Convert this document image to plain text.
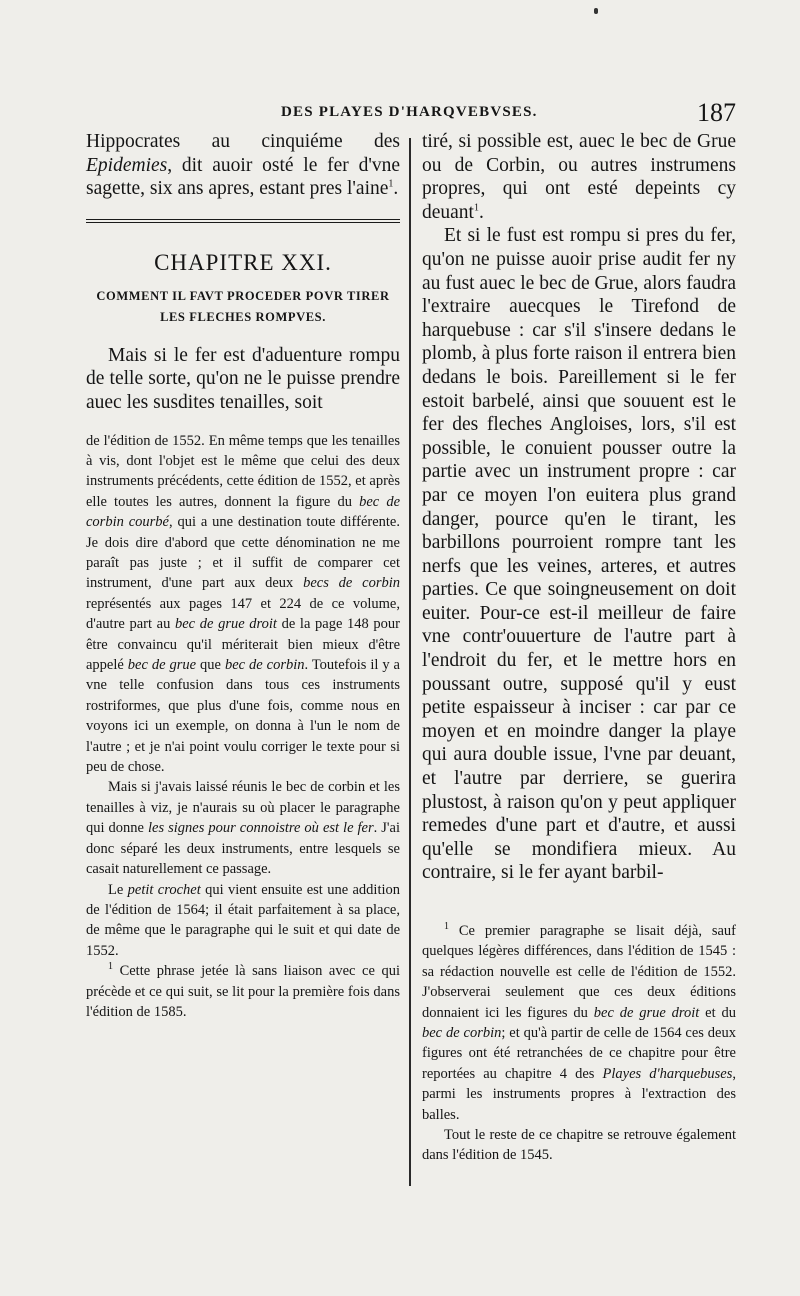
DES PLAYES D'HARQVEBVSES.	187

Hippocrates au cinquiéme des Epidemies, dit auoir osté le fer d'vne sagette, six ans apres, estant pres l'aine$^1$.

CHAPITRE XXI.
COMMENT IL FAVT PROCEDER POVR TIRER LES FLECHES ROMPVES.

Mais si le fer est d'aduenture rompu de telle sorte, qu'on ne le puisse prendre auec les susdites tenailles, soit

de l'édition de 1552. En même temps que les tenailles à vis, dont l'objet est le même que celui des deux instruments précédents, cette édition de 1552, et après elle toutes les autres, donnent la figure du bec de corbin courbé, qui a une destination toute différente. Je dois dire d'abord que cette dénomination ne me paraît pas juste ; et il suffit de comparer cet instrument, d'une part aux deux becs de corbin représentés aux pages 147 et 224 de ce volume, d'autre part au bec de grue droit de la page 148 pour être convaincu qu'il mériterait bien mieux d'être appelé bec de grue que bec de corbin. Toutefois il y a vne telle confusion dans tous ces instruments rostriformes, que plus d'une fois, comme nous en voyons ici un exemple, on donna à l'un le nom de l'autre ; et je n'ai point voulu corriger le texte pour si peu de chose.

Mais si j'avais laissé réunis le bec de corbin et les tenailles à viz, je n'aurais su où placer le paragraphe qui donne les signes pour connoistre où est le fer. J'ai donc séparé les deux instruments, entre lesquels se casait naturellement ce passage.

Le petit crochet qui vient ensuite est une addition de l'édition de 1564; il était parfaitement à sa place, de même que le paragraphe qui le suit et qui date de 1552.

$^1$ Cette phrase jetée là sans liaison avec ce qui précède et ce qui suit, se lit pour la première fois dans l'édition de 1585.

tiré, si possible est, auec le bec de Grue ou de Corbin, ou autres instrumens propres, qui ont esté depeints cy deuant$^1$.

Et si le fust est rompu si pres du fer, qu'on ne puisse auoir prise audit fer ny au fust auec le bec de Grue, alors faudra l'extraire auecques le Tirefond de harquebuse : car s'il s'insere dedans le plomb, à plus forte raison il entrera bien dedans le bois. Pareillement si le fer estoit barbelé, ainsi que souuent est le fer des fleches Angloises, lors, s'il est possible, le conuient pousser outre la partie avec un instrument propre : car par ce moyen l'on euitera plus grand danger, pource qu'en le tirant, les barbillons pourroient rompre tant les nerfs que les veines, arteres, et autres parties. Ce que soingneusement on doit euiter. Pour-ce est-il meilleur de faire vne contr'ouuerture de l'autre part à l'endroit du fer, et le mettre hors en poussant outre, supposé qu'il y eust petite espaisseur à inciser : car par ce moyen et en moindre danger la playe qui aura double issue, l'vne par deuant, et l'autre par derriere, se guerira plustost, à raison qu'on y peut appliquer remedes d'une part et d'autre, et aussi qu'elle se mondifiera mieux. Au contraire, si le fer ayant barbil-

$^1$ Ce premier paragraphe se lisait déjà, sauf quelques légères différences, dans l'édition de 1545 : sa rédaction nouvelle est celle de l'édition de 1552. J'observerai seulement que ces deux éditions donnaient ici les figures du bec de grue droit et du bec de corbin; et qu'à partir de celle de 1564 ces deux figures ont été retranchées de ce chapitre pour être reportées au chapitre 4 des Playes d'harquebuses, parmi les instruments propres à l'extraction des balles.

Tout le reste de ce chapitre se retrouve également dans l'édition de 1545.
